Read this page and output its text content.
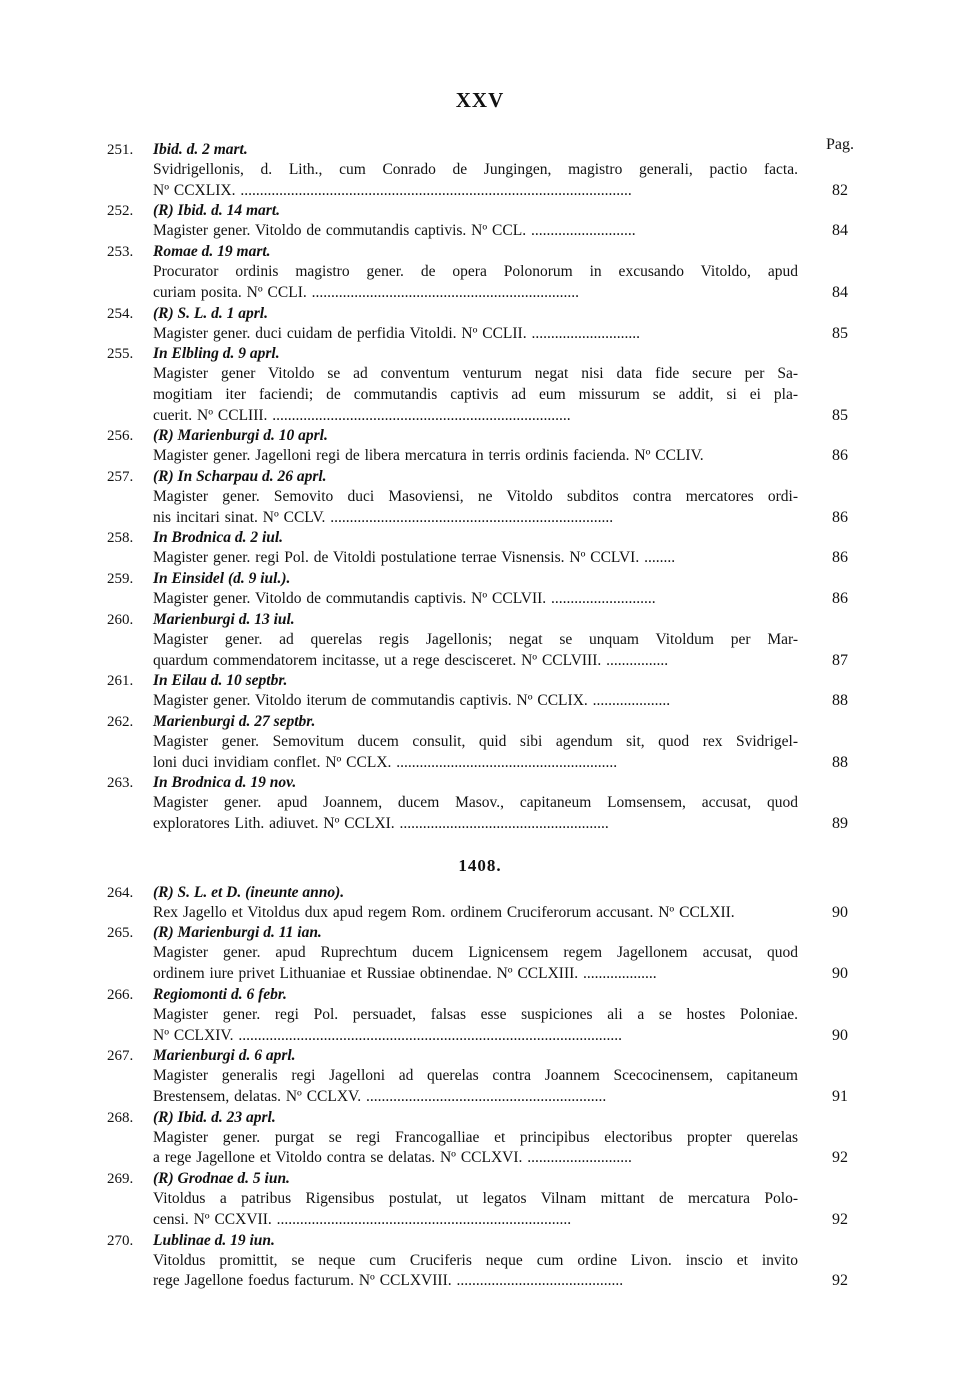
XXV
Pag.
251.	Ibid. d. 2 mart.
Svidrigellonis, d. Lith., cum Conrado de Jungingen, magistro generali, pactio facta.
Nº CCXLIX. .....................................................................................................	82
252.	(R) Ibid. d. 14 mart.
Magister gener. Vitoldo de commutandis captivis. Nº CCL. ...........................	84
253.	Romae d. 19 mart.
Procurator ordinis magistro gener. de opera Polonorum in excusando Vitoldo, apud
curiam posita. Nº CCLI. .....................................................................	84
254.	(R) S. L. d. 1 aprl.
Magister gener. duci cuidam de perfidia Vitoldi. Nº CCLII. ............................	85
255.	In Elbling d. 9 aprl.
Magister gener Vitoldo se ad conventum venturum negat nisi data fide secure per Sa-
mogitiam iter faciendi; de commutandis captivis ad eum missurum se addit, si ei pla-
cuerit. Nº CCLIII. .............................................................................	85
256.	(R) Marienburgi d. 10 aprl.
Magister gener. Jagelloni regi de libera mercatura in terris ordinis facienda. Nº CCLIV.	86
257.	(R) In Scharpau d. 26 aprl.
Magister gener. Semovito duci Masoviensi, ne Vitoldo subditos contra mercatores ordi-
nis incitari sinat. Nº CCLV. .........................................................................	86
258.	In Brodnica d. 2 iul.
Magister gener. regi Pol. de Vitoldi postulatione terrae Visnensis. Nº CCLVI. ........	86
259.	In Einsidel (d. 9 iul.).
Magister gener. Vitoldo de commutandis captivis. Nº CCLVII. ...........................	86
260.	Marienburgi d. 13 iul.
Magister gener. ad querelas regis Jagellonis; negat se unquam Vitoldum per Mar-
quardum commendatorem incitasse, ut a rege descisceret. Nº CCLVIII. ................	87
261.	In Eilau d. 10 septbr.
Magister gener. Vitoldo iterum de commutandis captivis. Nº CCLIX. ....................	88
262.	Marienburgi d. 27 septbr.
Magister gener. Semovitum ducem consulit, quid sibi agendum sit, quod rex Svidrigel-
loni duci invidiam conflet. Nº CCLX. .........................................................	88
263.	In Brodnica d. 19 nov.
Magister gener. apud Joannem, ducem Masov., capitaneum Lomsensem, accusat, quod
exploratores Lith. adiuvet. Nº CCLXI. ......................................................	89
1408.
264.	(R) S. L. et D. (ineunte anno).
Rex Jagello et Vitoldus dux apud regem Rom. ordinem Cruciferorum accusant. Nº CCLXII.	90
265.	(R) Marienburgi d. 11 ian.
Magister gener. apud Ruprechtum ducem Lignicensem regem Jagellonem accusat, quod
ordinem iure privet Lithuaniae et Russiae obtinendae. Nº CCLXIII. ...................	90
266.	Regiomonti d. 6 febr.
Magister gener. regi Pol. persuadet, falsas esse suspiciones ali a se hostes Poloniae.
Nº CCLXIV. ...................................................................................................	90
267.	Marienburgi d. 6 aprl.
Magister generalis regi Jagelloni ad querelas contra Joannem Scecocinensem, capitaneum
Brestensem, delatas. Nº CCLXV. ..............................................................	91
268.	(R) Ibid. d. 23 aprl.
Magister gener. purgat se regi Francogalliae et principibus electoribus propter querelas
a rege Jagellone et Vitoldo contra se delatas. Nº CCLXVI. ...........................	92
269.	(R) Grodnae d. 5 iun.
Vitoldus a patribus Rigensibus postulat, ut legatos Vilnam mittant de mercatura Polo-
censi. Nº CCXVII. ............................................................................	92
270.	Lublinae d. 19 iun.
Vitoldus promittit, se neque cum Cruciferis neque cum ordine Livon. inscio et invito
rege Jagellone foedus facturum. Nº CCLXVIII. ...........................................	92
